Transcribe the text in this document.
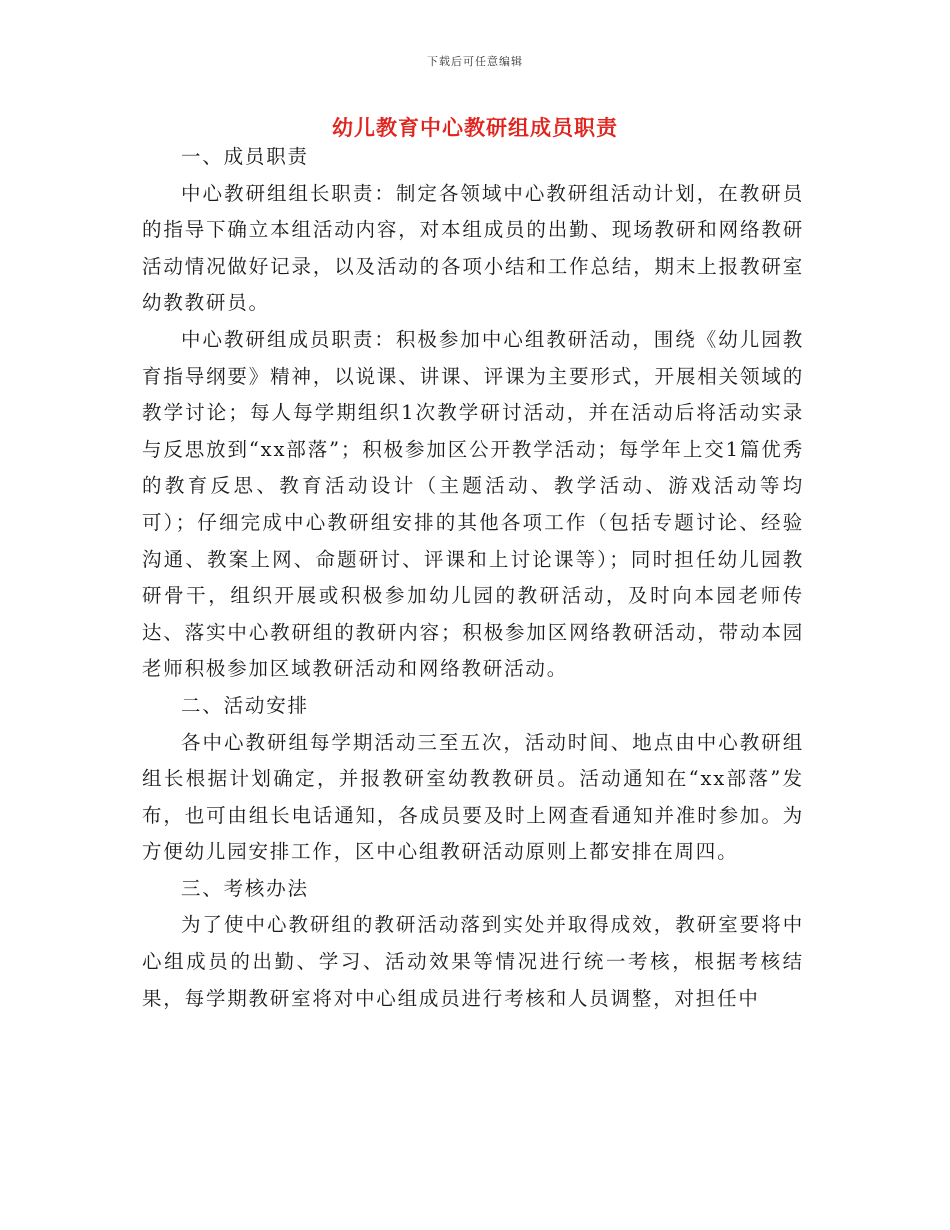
下载后可任意编辑
幼儿教育中心教研组成员职责

一、成员职责

中心教研组组长职责：制定各领域中心教研组活动计划，在教研员的指导下确立本组活动内容，对本组成员的出勤、现场教研和网络教研活动情况做好记录，以及活动的各项小结和工作总结，期末上报教研室幼教教研员。

中心教研组成员职责：积极参加中心组教研活动，围绕《幼儿园教育指导纲要》精神，以说课、讲课、评课为主要形式，开展相关领域的教学讨论；每人每学期组织1次教学研讨活动，并在活动后将活动实录与反思放到“xx部落”；积极参加区公开教学活动；每学年上交1篇优秀的教育反思、教育活动设计（主题活动、教学活动、游戏活动等均可）；仔细完成中心教研组安排的其他各项工作（包括专题讨论、经验沟通、教案上网、命题研讨、评课和上讨论课等）；同时担任幼儿园教研骨干，组织开展或积极参加幼儿园的教研活动，及时向本园老师传达、落实中心教研组的教研内容；积极参加区网络教研活动，带动本园老师积极参加区域教研活动和网络教研活动。

二、活动安排

各中心教研组每学期活动三至五次，活动时间、地点由中心教研组组长根据计划确定，并报教研室幼教教研员。活动通知在“xx部落”发布，也可由组长电话通知，各成员要及时上网查看通知并准时参加。为方便幼儿园安排工作，区中心组教研活动原则上都安排在周四。

三、考核办法

为了使中心教研组的教研活动落到实处并取得成效，教研室要将中心组成员的出勤、学习、活动效果等情况进行统一考核，根据考核结果，每学期教研室将对中心组成员进行考核和人员调整，对担任中
